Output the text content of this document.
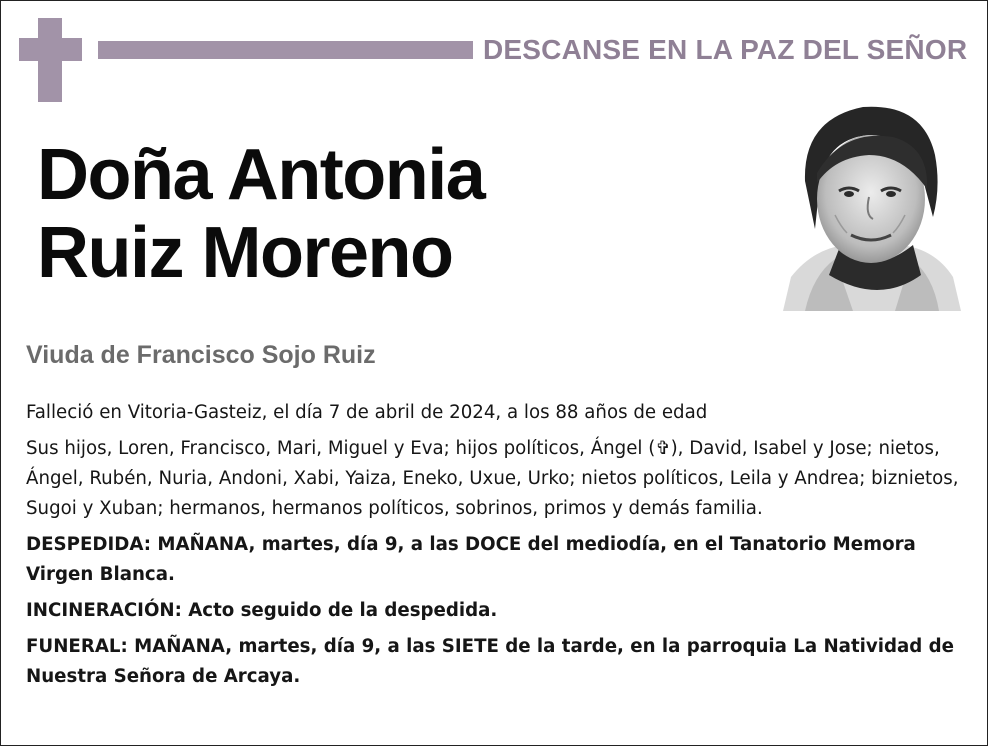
DESCANSE EN LA PAZ DEL SEÑOR
Doña Antonia
Ruiz Moreno
Viuda de Francisco Sojo Ruiz

Falleció en Vitoria-Gasteiz, el día 7 de abril de 2024, a los 88 años de edad

Sus hijos, Loren, Francisco, Mari, Miguel y Eva; hijos políticos, Ángel (✞), David, Isabel y Jose; nietos, Ángel, Rubén, Nuria, Andoni, Xabi, Yaiza, Eneko, Uxue, Urko; nietos políticos, Leila y Andrea; biznietos, Sugoi y Xuban; hermanos, hermanos políticos, sobrinos, primos y demás familia.

DESPEDIDA: MAÑANA, martes, día 9, a las DOCE del mediodía, en el Tanatorio Memora Virgen Blanca.

INCINERACIÓN: Acto seguido de la despedida.

FUNERAL: MAÑANA, martes, día 9, a las SIETE de la tarde, en la parroquia La Natividad de Nuestra Señora de Arcaya.
